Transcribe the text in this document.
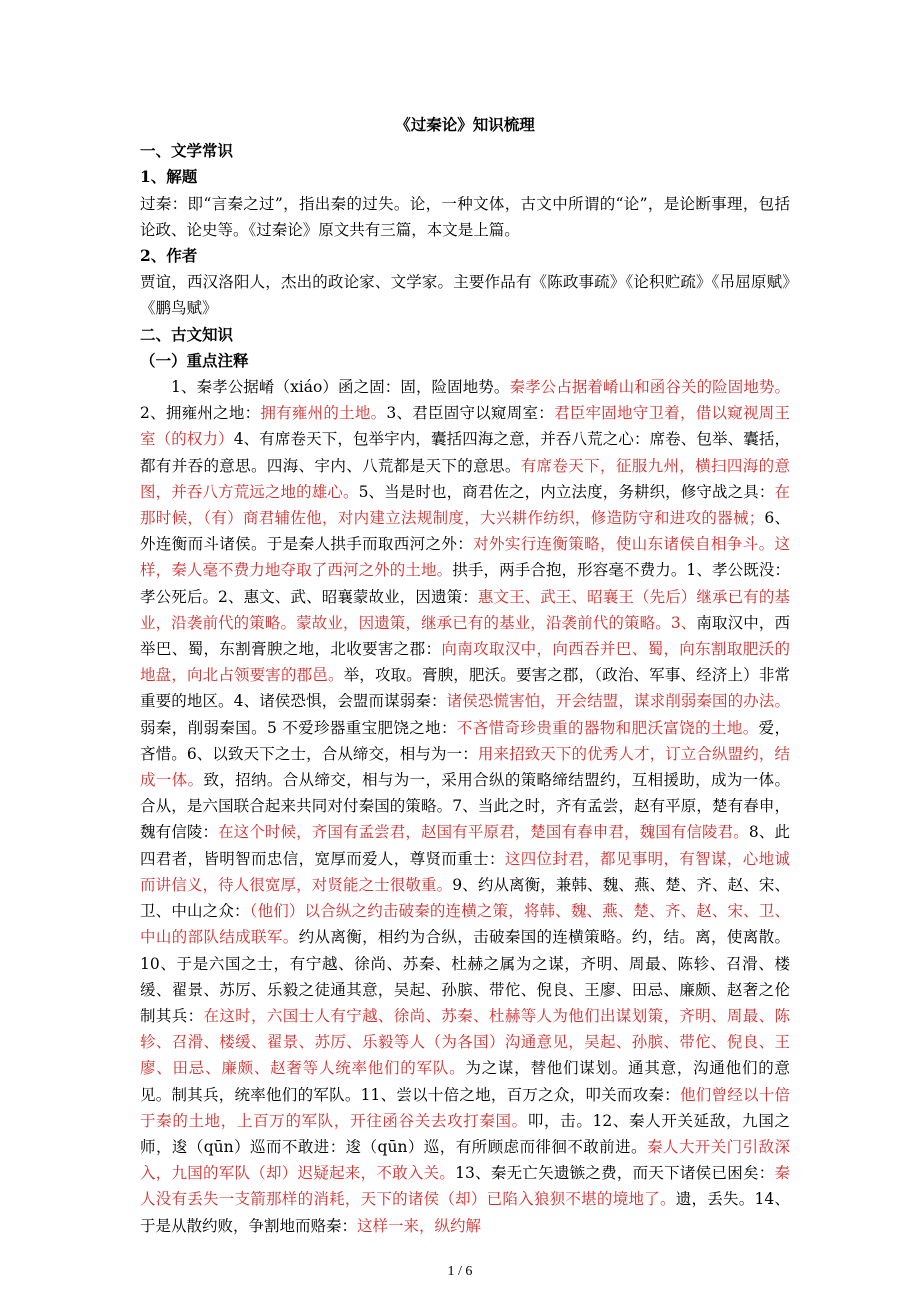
《过秦论》知识梳理

一、文学常识

1、解题

过秦：即“言秦之过”，指出秦的过失。论，一种文体，古文中所谓的“论”，是论断事理，包括论政、论史等。《过秦论》原文共有三篇，本文是上篇。

2、作者

贾谊，西汉洛阳人，杰出的政论家、文学家。主要作品有《陈政事疏》《论积贮疏》《吊屈原赋》《鹏鸟赋》

二、古文知识

（一）重点注释

1、秦孝公据崤（xiáo）函之固：固，险固地势。秦孝公占据着崤山和函谷关的险固地势。2、拥雍州之地：拥有雍州的土地。3、君臣固守以窥周室：君臣牢固地守卫着，借以窥视周王室（的权力）4、有席卷天下，包举宇内，囊括四海之意，并吞八荒之心：席卷、包举、囊括，都有并吞的意思。四海、宇内、八荒都是天下的意思。有席卷天下，征服九州，横扫四海的意图，并吞八方荒远之地的雄心。5、当是时也，商君佐之，内立法度，务耕织，修守战之具：在那时候，（有）商君辅佐他，对内建立法规制度，大兴耕作纺织，修造防守和进攻的器械；6、外连衡而斗诸侯。于是秦人拱手而取西河之外：对外实行连衡策略，使山东诸侯自相争斗。这样，秦人毫不费力地夺取了西河之外的土地。拱手，两手合抱，形容毫不费力。1、孝公既没：孝公死后。2、惠文、武、昭襄蒙故业，因遗策：惠文王、武王、昭襄王（先后）继承已有的基业，沿袭前代的策略。蒙故业，因遗策，继承已有的基业，沿袭前代的策略。3、南取汉中，西举巴、蜀，东割膏腴之地，北收要害之郡：向南攻取汉中，向西吞并巴、蜀，向东割取肥沃的地盘，向北占领要害的郡邑。举，攻取。膏腴，肥沃。要害之郡，（政治、军事、经济上）非常重要的地区。4、诸侯恐惧，会盟而谋弱秦：诸侯恐慌害怕，开会结盟，谋求削弱秦国的办法。弱秦，削弱秦国。5 不爱珍器重宝肥饶之地：不吝惜奇珍贵重的器物和肥沃富饶的土地。爱，吝惜。6、以致天下之士，合从缔交，相与为一：用来招致天下的优秀人才，订立合纵盟约，结成一体。致，招纳。合从缔交，相与为一，采用合纵的策略缔结盟约，互相援助，成为一体。合从，是六国联合起来共同对付秦国的策略。7、当此之时，齐有孟尝，赵有平原，楚有春申，魏有信陵：在这个时候，齐国有孟尝君，赵国有平原君，楚国有春申君，魏国有信陵君。8、此四君者，皆明智而忠信，宽厚而爱人，尊贤而重士：这四位封君，都见事明，有智谋，心地诚而讲信义，待人很宽厚，对贤能之士很敬重。9、约从离衡，兼韩、魏、燕、楚、齐、赵、宋、卫、中山之众：（他们）以合纵之约击破秦的连横之策，将韩、魏、燕、楚、齐、赵、宋、卫、中山的部队结成联军。约从离衡，相约为合纵，击破秦国的连横策略。约，结。离，使离散。10、于是六国之士，有宁越、徐尚、苏秦、杜赫之属为之谋，齐明、周最、陈轸、召滑、楼缓、翟景、苏厉、乐毅之徒通其意，吴起、孙膑、带佗、倪良、王廖、田忌、廉颇、赵奢之伦制其兵：在这时，六国士人有宁越、徐尚、苏秦、杜赫等人为他们出谋划策，齐明、周最、陈轸、召滑、楼缓、翟景、苏厉、乐毅等人（为各国）沟通意见，吴起、孙膑、带佗、倪良、王廖、田忌、廉颇、赵奢等人统率他们的军队。为之谋，替他们谋划。通其意，沟通他们的意见。制其兵，统率他们的军队。11、尝以十倍之地，百万之众，叩关而攻秦：他们曾经以十倍于秦的土地，上百万的军队，开往函谷关去攻打秦国。叩，击。12、秦人开关延敌，九国之师，逡（qūn）巡而不敢进：逡（qūn）巡，有所顾虑而徘徊不敢前进。秦人大开关门引敌深入，九国的军队（却）迟疑起来，不敢入关。13、秦无亡矢遗镞之费，而天下诸侯已困矣：秦人没有丢失一支箭那样的消耗，天下的诸侯（却）已陷入狼狈不堪的境地了。遗，丢失。14、于是从散约败，争割地而赂秦：这样一来，纵约解

1 / 6
